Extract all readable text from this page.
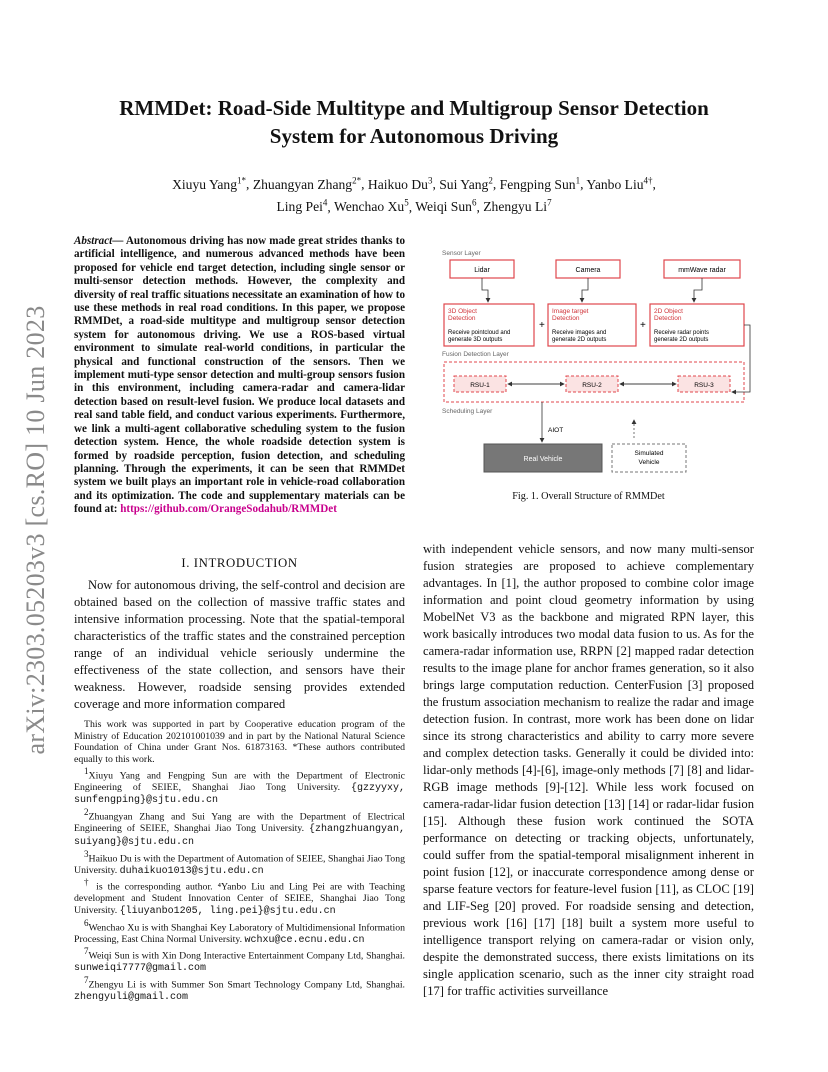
arXiv:2303.05203v3 [cs.RO] 10 Jun 2023
RMMDet: Road-Side Multitype and Multigroup Sensor Detection
System for Autonomous Driving
Xiuyu Yang$^{1*}$, Zhuangyan Zhang$^{2*}$, Haikuo Du$^3$, Sui Yang$^2$, Fengping Sun$^1$, Yanbo Liu$^{4\dagger}$,
Ling Pei$^4$, Wenchao Xu$^5$, Weiqi Sun$^6$, Zhengyu Li$^7$
Abstract— Autonomous driving has now made great strides thanks to artificial intelligence, and numerous advanced methods have been proposed for vehicle end target detection, including single sensor or multi-sensor detection methods. However, the complexity and diversity of real traffic situations necessitate an examination of how to use these methods in real road conditions. In this paper, we propose RMMDet, a road-side multitype and multigroup sensor detection system for autonomous driving. We use a ROS-based virtual environment to simulate real-world conditions, in particular the physical and functional construction of the sensors. Then we implement muti-type sensor detection and multi-group sensors fusion in this environment, including camera-radar and camera-lidar detection based on result-level fusion. We produce local datasets and real sand table field, and conduct various experiments. Furthermore, we link a multi-agent collaborative scheduling system to the fusion detection system. Hence, the whole roadside detection system is formed by roadside perception, fusion detection, and scheduling planning. Through the experiments, it can be seen that RMMDet system we built plays an important role in vehicle-road collaboration and its optimization. The code and supplementary materials can be found at: https://github.com/OrangeSodahub/RMMDet
I. INTRODUCTION

Now for autonomous driving, the self-control and decision are obtained based on the collection of massive traffic states and intensive information processing. Note that the spatial-temporal characteristics of the traffic states and the constrained perception range of an individual vehicle seriously undermine the effectiveness of the state collection, and sensors have their weakness. However, roadside sensing provides extended coverage and more information compared

This work was supported in part by Cooperative education program of the Ministry of Education 202101001039 and in part by the National Natural Science Foundation of China under Grant Nos. 61873163. *These authors contributed equally to this work.

$^1$Xiuyu Yang and Fengping Sun are with the Department of Electronic Engineering of SEIEE, Shanghai Jiao Tong University. {gzzyyxy, sunfengping}@sjtu.edu.cn

$^2$Zhuangyan Zhang and Sui Yang are with the Department of Electrical Engineering of SEIEE, Shanghai Jiao Tong University. {zhangzhuangyan, suiyang}@sjtu.edu.cn

$^3$Haikuo Du is with the Department of Automation of SEIEE, Shanghai Jiao Tong University. duhaikuo1013@sjtu.edu.cn

† is the corresponding author. ⁴Yanbo Liu and Ling Pei are with Teaching development and Student Innovation Center of SEIEE, Shanghai Jiao Tong University. {liuyanbo1205, ling.pei}@sjtu.edu.cn

$^6$Wenchao Xu is with Shanghai Key Laboratory of Multidimensional Information Processing, East China Normal University. wchxu@ce.ecnu.edu.cn

$^7$Weiqi Sun is with Xin Dong Interactive Entertainment Company Ltd, Shanghai. sunweiqi7777@gmail.com

$^7$Zhengyu Li is with Summer Son Smart Technology Company Ltd, Shanghai. zhengyuli@gmail.com

Sensor Layer
Lidar	Camera	mmWave radar
3D Object
Detection
Receive pointcloud and
generate 3D outputs
+
Image target
Detection
Receive images and
generate 2D outputs
+
2D Object
Detection
Receive radar points
generate 2D outputs
Fusion Detection Layer
RSU-1	RSU-2	RSU-3
Scheduling Layer
AIOT
Real Vehicle
Simulated
Vehicle
Fig. 1. Overall Structure of RMMDet

with independent vehicle sensors, and now many multi-sensor fusion strategies are proposed to achieve complementary advantages. In [1], the author proposed to combine color image information and point cloud geometry information by using MobelNet V3 as the backbone and migrated RPN layer, this work basically introduces two modal data fusion to us. As for the camera-radar information use, RRPN [2] mapped radar detection results to the image plane for anchor frames generation, so it also brings large computation reduction. CenterFusion [3] proposed the frustum association mechanism to realize the radar and image detection fusion. In contrast, more work has been done on lidar since its strong characteristics and ability to carry more severe and complex detection tasks. Generally it could be divided into: lidar-only methods [4]-[6], image-only methods [7] [8] and lidar-RGB image methods [9]-[12]. While less work focused on camera-radar-lidar fusion detection [13] [14] or radar-lidar fusion [15]. Although these fusion work continued the SOTA performance on detecting or tracking objects, unfortunately, could suffer from the spatial-temporal misalignment inherent in point fusion [12], or inaccurate correspondence among dense or sparse feature vectors for feature-level fusion [11], as CLOC [19] and LIF-Seg [20] proved. For roadside sensing and detection, previous work [16] [17] [18] built a system more useful to intelligence transport relying on camera-radar or vision only, despite the demonstrated success, there exists limitations on its single application scenario, such as the inner city straight road [17] for traffic activities surveillance
